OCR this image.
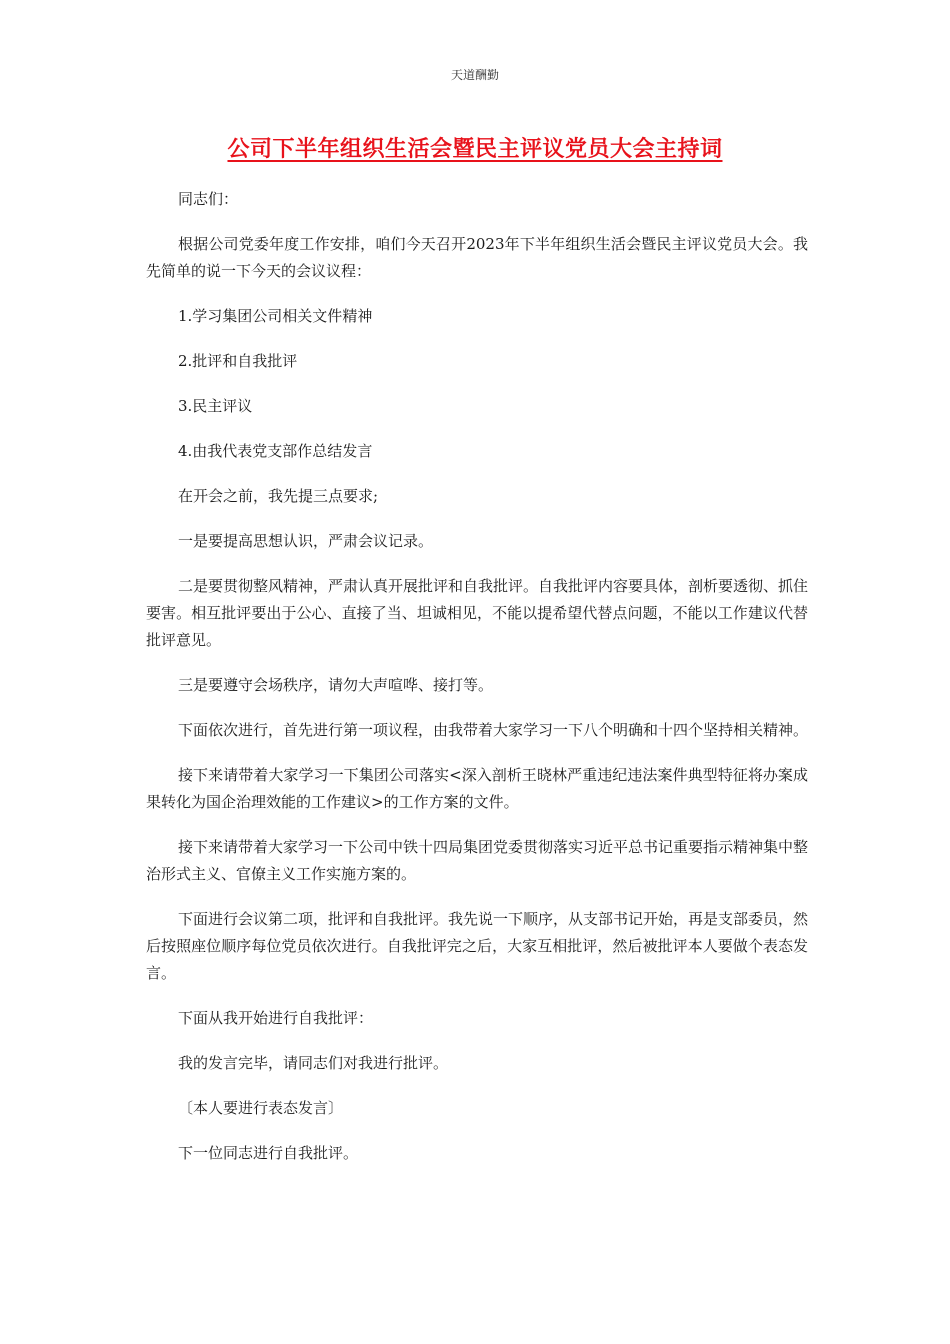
天道酬勤
公司下半年组织生活会暨民主评议党员大会主持词

同志们：

根据公司党委年度工作安排，咱们今天召开2023年下半年组织生活会暨民主评议党员大会。我先简单的说一下今天的会议议程：

1.学习集团公司相关文件精神

2.批评和自我批评

3.民主评议

4.由我代表党支部作总结发言

在开会之前，我先提三点要求;

一是要提高思想认识，严肃会议记录。

二是要贯彻整风精神，严肃认真开展批评和自我批评。自我批评内容要具体，剖析要透彻、抓住要害。相互批评要出于公心、直接了当、坦诚相见，不能以提希望代替点问题，不能以工作建议代替批评意见。

三是要遵守会场秩序，请勿大声喧哗、接打等。

下面依次进行，首先进行第一项议程，由我带着大家学习一下八个明确和十四个坚持相关精神。

接下来请带着大家学习一下集团公司落实<深入剖析王晓林严重违纪违法案件典型特征将办案成果转化为国企治理效能的工作建议>的工作方案的文件。

接下来请带着大家学习一下公司中铁十四局集团党委贯彻落实习近平总书记重要指示精神集中整治形式主义、官僚主义工作实施方案的。

下面进行会议第二项，批评和自我批评。我先说一下顺序，从支部书记开始，再是支部委员，然后按照座位顺序每位党员依次进行。自我批评完之后，大家互相批评，然后被批评本人要做个表态发言。

下面从我开始进行自我批评：

我的发言完毕，请同志们对我进行批评。

〔本人要进行表态发言〕

下一位同志进行自我批评。
